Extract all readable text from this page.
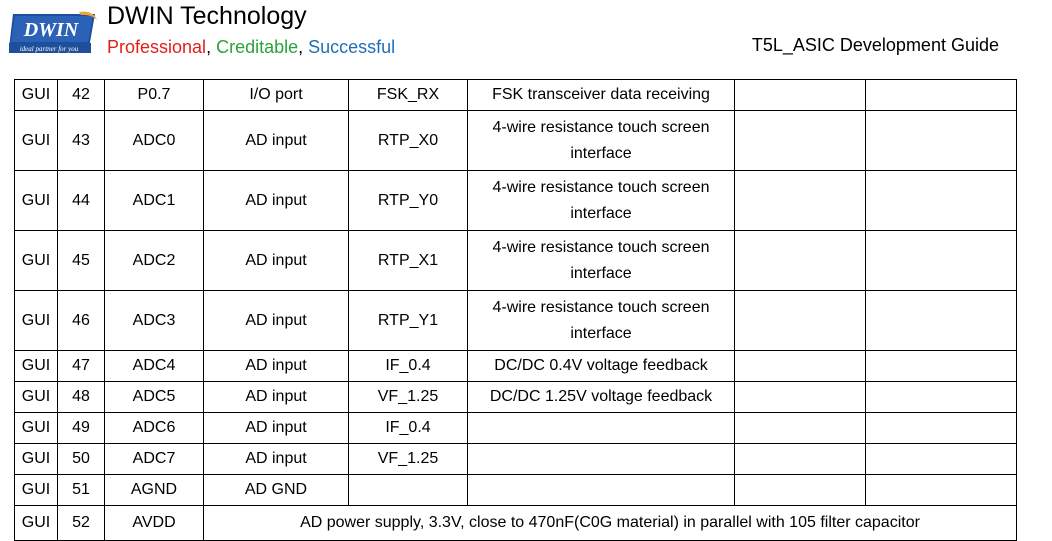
DWIN
ideal partner for you
DWIN Technology
Professional, Creditable, Successful	T5L_ASIC Development Guide
GUI	42	P0.7	I/O port	FSK_RX	FSK transceiver data receiving		
GUI	43	ADC0	AD input	RTP_X0	4-wire resistance touch screen
interface		

GUI	44	ADC1	AD input	RTP_Y0	4-wire resistance touch screen
interface		

GUI	45	ADC2	AD input	RTP_X1	4-wire resistance touch screen
interface		

GUI	46	ADC3	AD input	RTP_Y1	4-wire resistance touch screen
interface		

GUI	47	ADC4	AD input	IF_0.4	DC/DC 0.4V voltage feedback		
GUI	48	ADC5	AD input	VF_1.25	DC/DC 1.25V voltage feedback		
GUI	49	ADC6	AD input	IF_0.4			
GUI	50	ADC7	AD input	VF_1.25			
GUI	51	AGND	AD GND				
GUI	52	AVDD	AD power supply, 3.3V, close to 470nF(C0G material) in parallel with 105 filter capacitor				
